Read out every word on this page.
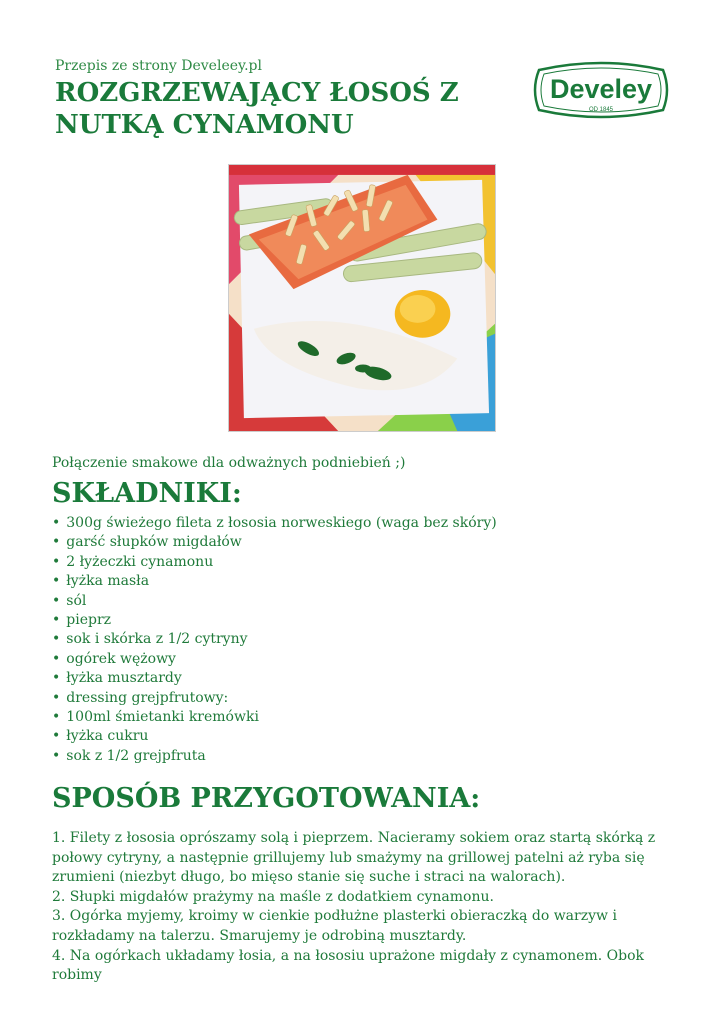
Przepis ze strony Develeey.pl
ROZGRZEWAJĄCY ŁOSOŚ Z
NUTKĄ CYNAMONU
Develey
OD 1845
Połączenie smakowe dla odważnych podniebień ;)
SKŁADNIKI:
• 300g świeżego fileta z łososia norweskiego (waga bez skóry)
• garść słupków migdałów
• 2 łyżeczki cynamonu
• łyżka masła
• sól
• pieprz
• sok i skórka z 1/2 cytryny
• ogórek wężowy
• łyżka musztardy
• dressing grejpfrutowy:
• 100ml śmietanki kremówki
• łyżka cukru
• sok z 1/2 grejpfruta
SPOSÓB PRZYGOTOWANIA:

1. Filety z łososia oprószamy solą i pieprzem. Nacieramy sokiem oraz startą skórką z połowy cytryny, a następnie grillujemy lub smażymy na grillowej patelni aż ryba się zrumieni (niezbyt długo, bo mięso stanie się suche i straci na walorach).

2. Słupki migdałów prażymy na maśle z dodatkiem cynamonu.

3. Ogórka myjemy, kroimy w cienkie podłużne plasterki obieraczką do warzyw i rozkładamy na talerzu. Smarujemy je odrobiną musztardy.

4. Na ogórkach układamy łosia, a na łososiu uprażone migdały z cynamonem. Obok robimy
